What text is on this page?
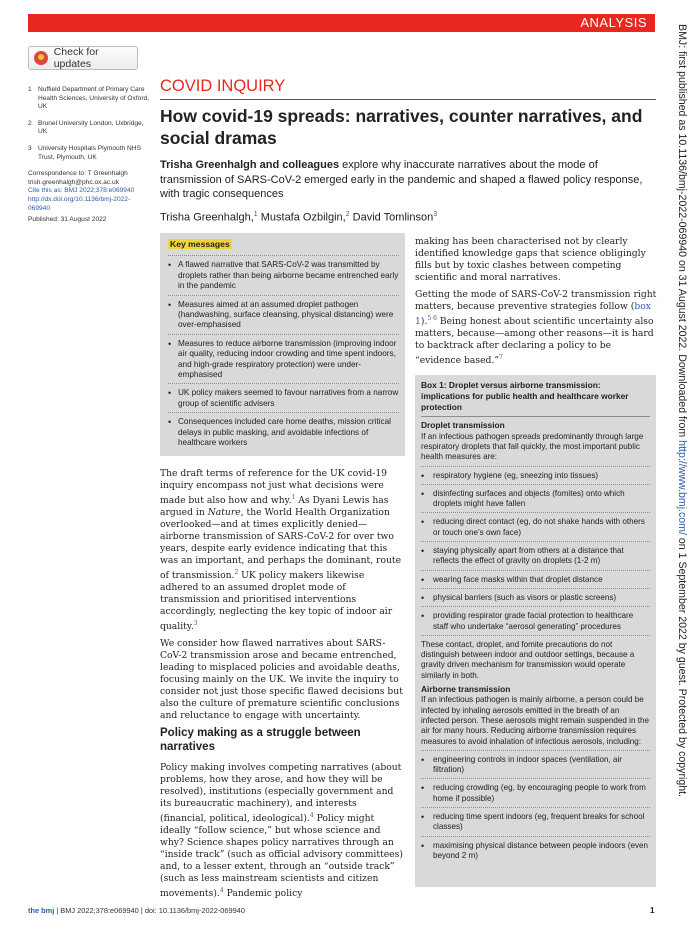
ANALYSIS
Check for updates
1 Nuffield Department of Primary Care Health Sciences, University of Oxford, UK
2 Brunel University London, Uxbridge, UK
3 University Hospitals Plymouth NHS Trust, Plymouth, UK
Correspondence to: T Greenhalgh
trish.greenhalgh@phc.ox.ac.uk
Cite this as: BMJ 2022;378:e069940
http://dx.doi.org/10.1136/bmj-2022-069940
Published: 31 August 2022
COVID INQUIRY
How covid-19 spreads: narratives, counter narratives, and social dramas
Trisha Greenhalgh and colleagues explore why inaccurate narratives about the mode of transmission of SARS-CoV-2 emerged early in the pandemic and shaped a flawed policy response, with tragic consequences
Trisha Greenhalgh,$^1$ Mustafa Ozbilgin,$^2$ David Tomlinson$^3$
Key messages
• A flawed narrative that SARS-CoV-2 was transmitted by droplets rather than being airborne became entrenched early in the pandemic
• Measures aimed at an assumed droplet pathogen (handwashing, surface cleansing, physical distancing) were over-emphasised
• Measures to reduce airborne transmission (improving indoor air quality, reducing indoor crowding and time spent indoors, and high-grade respiratory protection) were under-emphasised
• UK policy makers seemed to favour narratives from a narrow group of scientific advisers
• Consequences included care home deaths, mission critical delays in public masking, and avoidable infections of healthcare workers

The draft terms of reference for the UK covid-19 inquiry encompass not just what decisions were made but also how and why.$^1$ As Dyani Lewis has argued in Nature, the World Health Organization overlooked—and at times explicitly denied—airborne transmission of SARS-CoV-2 for over two years, despite early evidence indicating that this was an important, and perhaps the dominant, route of transmission.$^2$ UK policy makers likewise adhered to an assumed droplet mode of transmission and prioritised interventions accordingly, neglecting the key topic of indoor air quality.$^3$

We consider how flawed narratives about SARS-CoV-2 transmission arose and became entrenched, leading to misplaced policies and avoidable deaths, focusing mainly on the UK. We invite the inquiry to consider not just those specific flawed decisions but also the culture of premature scientific conclusions and reluctance to engage with uncertainty.

Policy making as a struggle between narratives

Policy making involves competing narratives (about problems, how they arose, and how they will be resolved), institutions (especially government and its bureaucratic machinery), and interests (financial, political, ideological).$^4$ Policy might ideally “follow science,” but whose science and why? Science shapes policy narratives through an “inside track” (such as official advisory committees) and, to a lesser extent, through an “outside track” (such as less mainstream scientists and citizen movements).$^4$ Pandemic policy

making has been characterised not by clearly identified knowledge gaps that science obligingly fills but by toxic clashes between competing scientific and moral narratives.

Getting the mode of SARS-CoV-2 transmission right matters, because preventive strategies follow (box 1).$^{5 6}$ Being honest about scientific uncertainty also matters, because—among other reasons—it is hard to backtrack after declaring a policy to be “evidence based.”$^7$

Box 1: Droplet versus airborne transmission: implications for public health and healthcare worker protection
Droplet transmission
If an infectious pathogen spreads predominantly through large respiratory droplets that fall quickly, the most important public health measures are:
•	respiratory hygiene (eg, sneezing into tissues)
•	disinfecting surfaces and objects (fomites) onto which droplets might have fallen
•	reducing direct contact (eg, do not shake hands with others or touch one’s own face)
•	staying physically apart from others at a distance that reflects the effect of gravity on droplets (1-2 m)
•	wearing face masks within that droplet distance
•	physical barriers (such as visors or plastic screens)
•	providing respirator grade facial protection to healthcare staff who undertake “aerosol generating” procedures
These contact, droplet, and fomite precautions do not distinguish between indoor and outdoor settings, because a gravity driven mechanism for transmission would operate similarly in both.
Airborne transmission
If an infectious pathogen is mainly airborne, a person could be infected by inhaling aerosols emitted in the breath of an infected person. These aerosols might remain suspended in the air for many hours. Reducing airborne transmission requires measures to avoid inhalation of infectious aerosols, including:
•	engineering controls in indoor spaces (ventilation, air filtration)
•	reducing crowding (eg, by encouraging people to work from home if possible)
•	reducing time spent indoors (eg, frequent breaks for school classes)
•	maximising physical distance between people indoors (even beyond 2 m)
the bmj | BMJ 2022;378:e069940 | doi: 10.1136/bmj-2022-069940	1
BMJ: first published as 10.1136/bmj-2022-069940 on 31 August 2022. Downloaded from http://www.bmj.com/ on 1 September 2022 by guest. Protected by copyright.
